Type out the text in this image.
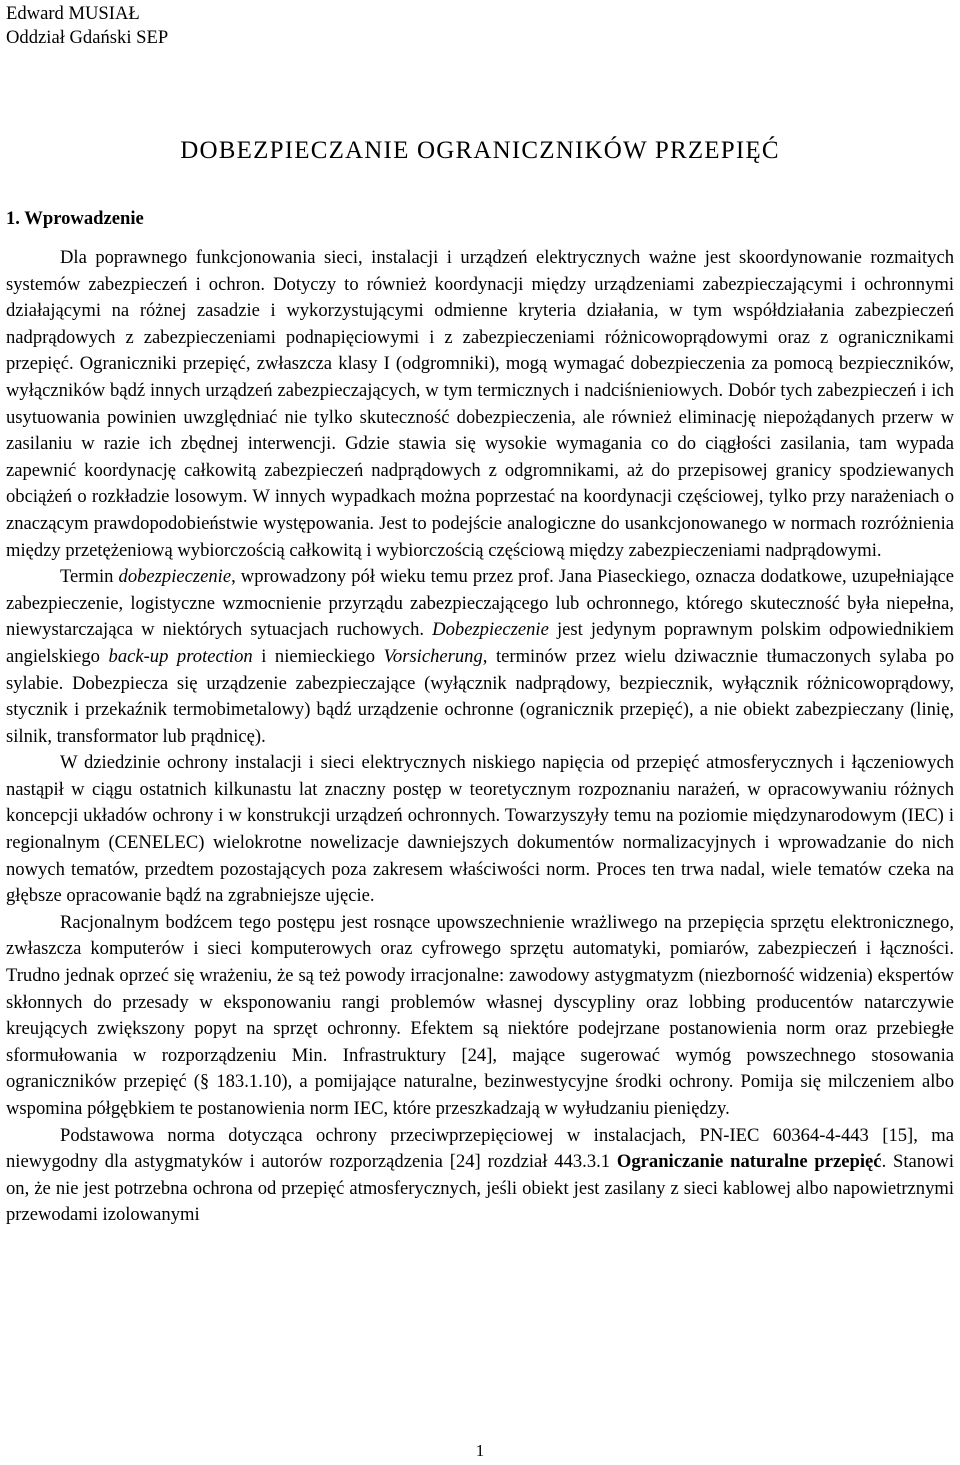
Edward MUSIAŁ
Oddział Gdański SEP
DOBEZPIECZANIE OGRANICZNIKÓW PRZEPIĘĆ
1. Wprowadzenie

Dla poprawnego funkcjonowania sieci, instalacji i urządzeń elektrycznych ważne jest skoordynowanie rozmaitych systemów zabezpieczeń i ochron. Dotyczy to również koordynacji między urządzeniami zabezpieczającymi i ochronnymi działającymi na różnej zasadzie i wykorzystującymi odmienne kryteria działania, w tym współdziałania zabezpieczeń nadprądowych z zabezpieczeniami podnapięciowymi i z zabezpieczeniami różnicowoprądowymi oraz z ogranicznikami przepięć. Ograniczniki przepięć, zwłaszcza klasy I (odgromniki), mogą wymagać dobezpieczenia za pomocą bezpieczników, wyłączników bądź innych urządzeń zabezpieczających, w tym termicznych i nadciśnieniowych. Dobór tych zabezpieczeń i ich usytuowania powinien uwzględniać nie tylko skuteczność dobezpieczenia, ale również eliminację niepożądanych przerw w zasilaniu w razie ich zbędnej interwencji. Gdzie stawia się wysokie wymagania co do ciągłości zasilania, tam wypada zapewnić koordynację całkowitą zabezpieczeń nadprądowych z odgromnikami, aż do przepisowej granicy spodziewanych obciążeń o rozkładzie losowym. W innych wypadkach można poprzestać na koordynacji częściowej, tylko przy narażeniach o znaczącym prawdopodobieństwie występowania. Jest to podejście analogiczne do usankcjonowanego w normach rozróżnienia między przetężeniową wybiorczością całkowitą i wybiorczością częściową między zabezpieczeniami nadprądowymi.

Termin dobezpieczenie, wprowadzony pół wieku temu przez prof. Jana Piaseckiego, oznacza dodatkowe, uzupełniające zabezpieczenie, logistyczne wzmocnienie przyrządu zabezpieczającego lub ochronnego, którego skuteczność była niepełna, niewystarczająca w niektórych sytuacjach ruchowych. Dobezpieczenie jest jedynym poprawnym polskim odpowiednikiem angielskiego back-up protection i niemieckiego Vorsicherung, terminów przez wielu dziwacznie tłumaczonych sylaba po sylabie. Dobezpiecza się urządzenie zabezpieczające (wyłącznik nadprądowy, bezpiecznik, wyłącznik różnicowoprądowy, stycznik i przekaźnik termobimetalowy) bądź urządzenie ochronne (ogranicznik przepięć), a nie obiekt zabezpieczany (linię, silnik, transformator lub prądnicę).

W dziedzinie ochrony instalacji i sieci elektrycznych niskiego napięcia od przepięć atmosferycznych i łączeniowych nastąpił w ciągu ostatnich kilkunastu lat znaczny postęp w teoretycznym rozpoznaniu narażeń, w opracowywaniu różnych koncepcji układów ochrony i w konstrukcji urządzeń ochronnych. Towarzyszyły temu na poziomie międzynarodowym (IEC) i regionalnym (CENELEC) wielokrotne nowelizacje dawniejszych dokumentów normalizacyjnych i wprowadzanie do nich nowych tematów, przedtem pozostających poza zakresem właściwości norm. Proces ten trwa nadal, wiele tematów czeka na głębsze opracowanie bądź na zgrabniejsze ujęcie.

Racjonalnym bodźcem tego postępu jest rosnące upowszechnienie wrażliwego na przepięcia sprzętu elektronicznego, zwłaszcza komputerów i sieci komputerowych oraz cyfrowego sprzętu automatyki, pomiarów, zabezpieczeń i łączności. Trudno jednak oprzeć się wrażeniu, że są też powody irracjonalne: zawodowy astygmatyzm (niezborność widzenia) ekspertów skłonnych do przesady w eksponowaniu rangi problemów własnej dyscypliny oraz lobbing producentów natarczywie kreujących zwiększony popyt na sprzęt ochronny. Efektem są niektóre podejrzane postanowienia norm oraz przebiegłe sformułowania w rozporządzeniu Min. Infrastruktury [24], mające sugerować wymóg powszechnego stosowania ograniczników przepięć (§ 183.1.10), a pomijające naturalne, bezinwestycyjne środki ochrony. Pomija się milczeniem albo wspomina półgębkiem te postanowienia norm IEC, które przeszkadzają w wyłudzaniu pieniędzy.

Podstawowa norma dotycząca ochrony przeciwprzepięciowej w instalacjach, PN-IEC 60364-4-443 [15], ma niewygodny dla astygmatyków i autorów rozporządzenia [24] rozdział 443.3.1 Ograniczanie naturalne przepięć. Stanowi on, że nie jest potrzebna ochrona od przepięć atmosferycznych, jeśli obiekt jest zasilany z sieci kablowej albo napowietrznymi przewodami izolowanymi

1
